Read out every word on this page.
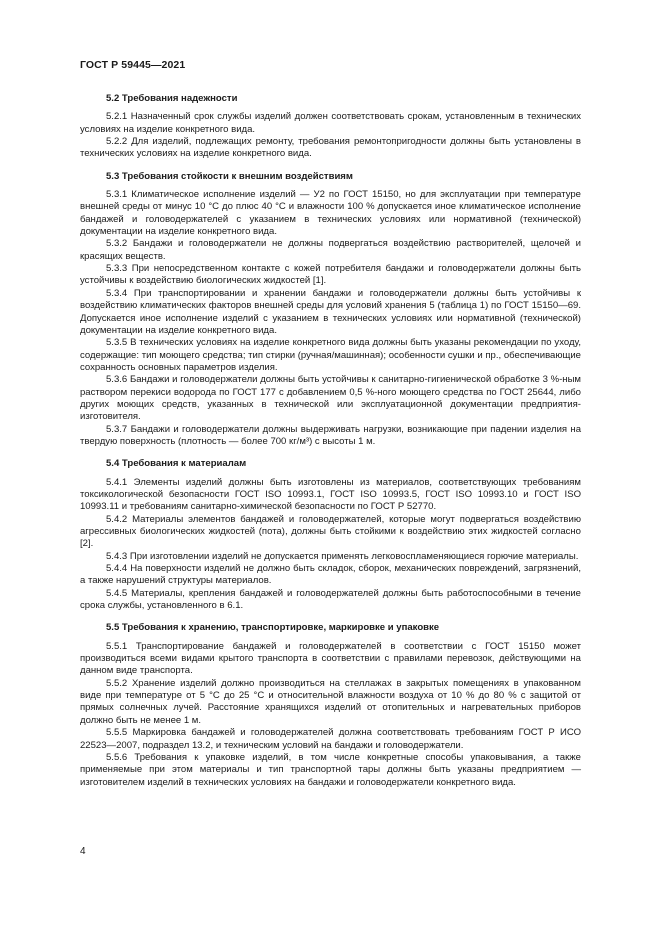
ГОСТ Р 59445—2021

5.2 Требования надежности

5.2.1 Назначенный срок службы изделий должен соответствовать срокам, установленным в технических условиях на изделие конкретного вида.

5.2.2 Для изделий, подлежащих ремонту, требования ремонтопригодности должны быть установлены в технических условиях на изделие конкретного вида.

5.3 Требования стойкости к внешним воздействиям

5.3.1 Климатическое исполнение изделий — У2 по ГОСТ 15150, но для эксплуатации при температуре внешней среды от минус 10 °С до плюс 40 °С и влажности 100 % допускается иное климатическое исполнение бандажей и головодержателей с указанием в технических условиях или нормативной (технической) документации на изделие конкретного вида.

5.3.2 Бандажи и головодержатели не должны подвергаться воздействию растворителей, щелочей и красящих веществ.

5.3.3 При непосредственном контакте с кожей потребителя бандажи и головодержатели должны быть устойчивы к воздействию биологических жидкостей [1].

5.3.4 При транспортировании и хранении бандажи и головодержатели должны быть устойчивы к воздействию климатических факторов внешней среды для условий хранения 5 (таблица 1) по ГОСТ 15150—69. Допускается иное исполнение изделий с указанием в технических условиях или нормативной (технической) документации на изделие конкретного вида.

5.3.5 В технических условиях на изделие конкретного вида должны быть указаны рекомендации по уходу, содержащие: тип моющего средства; тип стирки (ручная/машинная); особенности сушки и пр., обеспечивающие сохранность основных параметров изделия.

5.3.6 Бандажи и головодержатели должны быть устойчивы к санитарно-гигиенической обработке 3 %-ным раствором перекиси водорода по ГОСТ 177 с добавлением 0,5 %-ного моющего средства по ГОСТ 25644, либо других моющих средств, указанных в технической или эксплуатационной документации предприятия-изготовителя.

5.3.7 Бандажи и головодержатели должны выдерживать нагрузки, возникающие при падении изделия на твердую поверхность (плотность — более 700 кг/м³) с высоты 1 м.

5.4 Требования к материалам

5.4.1 Элементы изделий должны быть изготовлены из материалов, соответствующих требованиям токсикологической безопасности ГОСТ ISO 10993.1, ГОСТ ISO 10993.5, ГОСТ ISO 10993.10 и ГОСТ ISO 10993.11 и требованиям санитарно-химической безопасности по ГОСТ Р 52770.

5.4.2 Материалы элементов бандажей и головодержателей, которые могут подвергаться воздействию агрессивных биологических жидкостей (пота), должны быть стойкими к воздействию этих жидкостей согласно [2].

5.4.3 При изготовлении изделий не допускается применять легковоспламеняющиеся горючие материалы.

5.4.4 На поверхности изделий не должно быть складок, сборок, механических повреждений, загрязнений, а также нарушений структуры материалов.

5.4.5 Материалы, крепления бандажей и головодержателей должны быть работоспособными в течение срока службы, установленного в 6.1.

5.5 Требования к хранению, транспортировке, маркировке и упаковке

5.5.1 Транспортирование бандажей и головодержателей в соответствии с ГОСТ 15150 может производиться всеми видами крытого транспорта в соответствии с правилами перевозок, действующими на данном виде транспорта.

5.5.2 Хранение изделий должно производиться на стеллажах в закрытых помещениях в упакованном виде при температуре от 5 °С до 25 °С и относительной влажности воздуха от 10 % до 80 % с защитой от прямых солнечных лучей. Расстояние хранящихся изделий от отопительных и нагревательных приборов должно быть не менее 1 м.

5.5.5 Маркировка бандажей и головодержателей должна соответствовать требованиям ГОСТ Р ИСО 22523—2007, подраздел 13.2, и техническим условий на бандажи и головодержатели.

5.5.6 Требования к упаковке изделий, в том числе конкретные способы упаковывания, а также применяемые при этом материалы и тип транспортной тары должны быть указаны предприятием — изготовителем изделий в технических условиях на бандажи и головодержатели конкретного вида.

4
